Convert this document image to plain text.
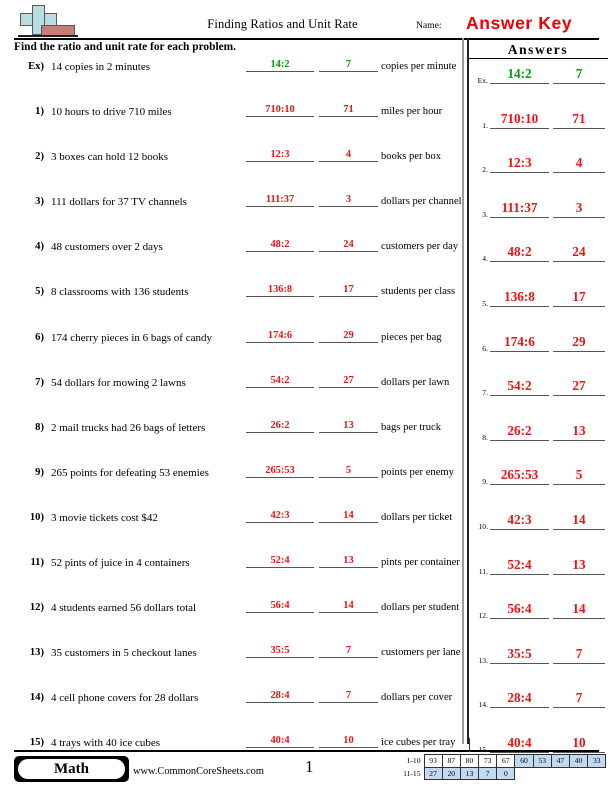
Finding Ratios and Unit Rate	Name: Answer Key
Find the ratio and unit rate for each problem.
Ex) 14 copies in 2 minutes	14:2	7	copies per minute
1) 10 hours to drive 710 miles	710:10	71	miles per hour
2) 3 boxes can hold 12 books	12:3	4	books per box
3) 111 dollars for 37 TV channels	111:37	3	dollars per channel
4) 48 customers over 2 days	48:2	24	customers per day
5) 8 classrooms with 136 students	136:8	17	students per class
6) 174 cherry pieces in 6 bags of candy	174:6	29	pieces per bag
7) 54 dollars for mowing 2 lawns	54:2	27	dollars per lawn
8) 2 mail trucks had 26 bags of letters	26:2	13	bags per truck
9) 265 points for defeating 53 enemies	265:53	5	points per enemy
10) 3 movie tickets cost $42	42:3	14	dollars per ticket
11) 52 pints of juice in 4 containers	52:4	13	pints per container
12) 4 students earned 56 dollars total	56:4	14	dollars per student
13) 35 customers in 5 checkout lanes	35:5	7	customers per lane
14) 4 cell phone covers for 28 dollars	28:4	7	dollars per cover
15) 4 trays with 40 ice cubes	40:4	10	ice cubes per tray
Answers
Ex.	14:2	7
1. 710:10	71
2.	12:3	4
3.	111:37	3
4.	48:2	24
5.	136:8	17
6.	174:6	29
7.	54:2	27
8.	26:2	13
9. 265:53	5
10.	42:3	14
11.	52:4	13
12.	56:4	14
13.	35:5	7
14.	28:4	7
40:4	10
Math	www.CommonCoreSheets.com 1	1-10	93	87	80	73	67	60	53	47	40	33
11-15	27	20	13	7	0					
